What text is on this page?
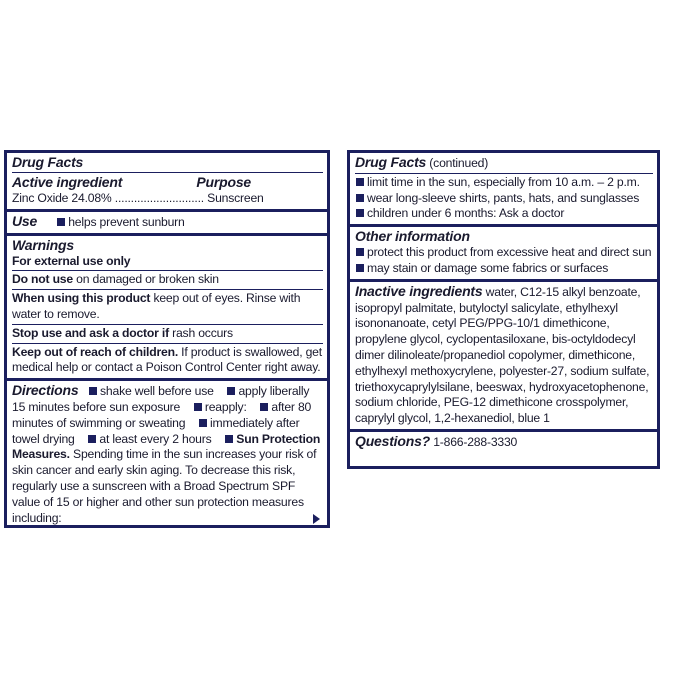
Drug Facts
Active ingredient	Purpose
Zinc Oxide 24.08% ............................ Sunscreen
Use	helps prevent sunburn
Warnings
For external use only
Do not use on damaged or broken skin
When using this product keep out of eyes. Rinse with water to remove.
Stop use and ask a doctor if rash occurs
Keep out of reach of children. If product is swallowed, get medical help or contact a Poison Control Center right away.
Directions shake well before use apply liberally 15 minutes before sun exposure reapply: after 80 minutes of swimming or sweating immediately after towel drying at least every 2 hours Sun Protection Measures. Spending time in the sun increases your risk of skin cancer and early skin aging. To decrease this risk, regularly use a sunscreen with a Broad Spectrum SPF value of 15 or higher and other sun protection measures including:
Drug Facts (continued)
limit time in the sun, especially from 10 a.m. – 2 p.m.    wear long-sleeve shirts, pants, hats, and sunglasses    children under 6 months: Ask a doctor
Other information
protect this product from excessive heat and direct sun
may stain or damage some fabrics or surfaces
Inactive ingredients water, C12-15 alkyl benzoate, isopropyl palmitate, butyloctyl salicylate, ethylhexyl isononanoate, cetyl PEG/PPG-10/1 dimethicone, propylene glycol, cyclopentasiloxane, bis-octyldodecyl dimer dilinoleate/propanediol copolymer, dimethicone, ethylhexyl methoxycrylene, polyester-27, sodium sulfate, triethoxycaprylylsilane, beeswax, hydroxyacetophenone, sodium chloride, PEG-12 dimethicone crosspolymer, caprylyl glycol, 1,2-hexanediol, blue 1
Questions? 1-866-288-3330
